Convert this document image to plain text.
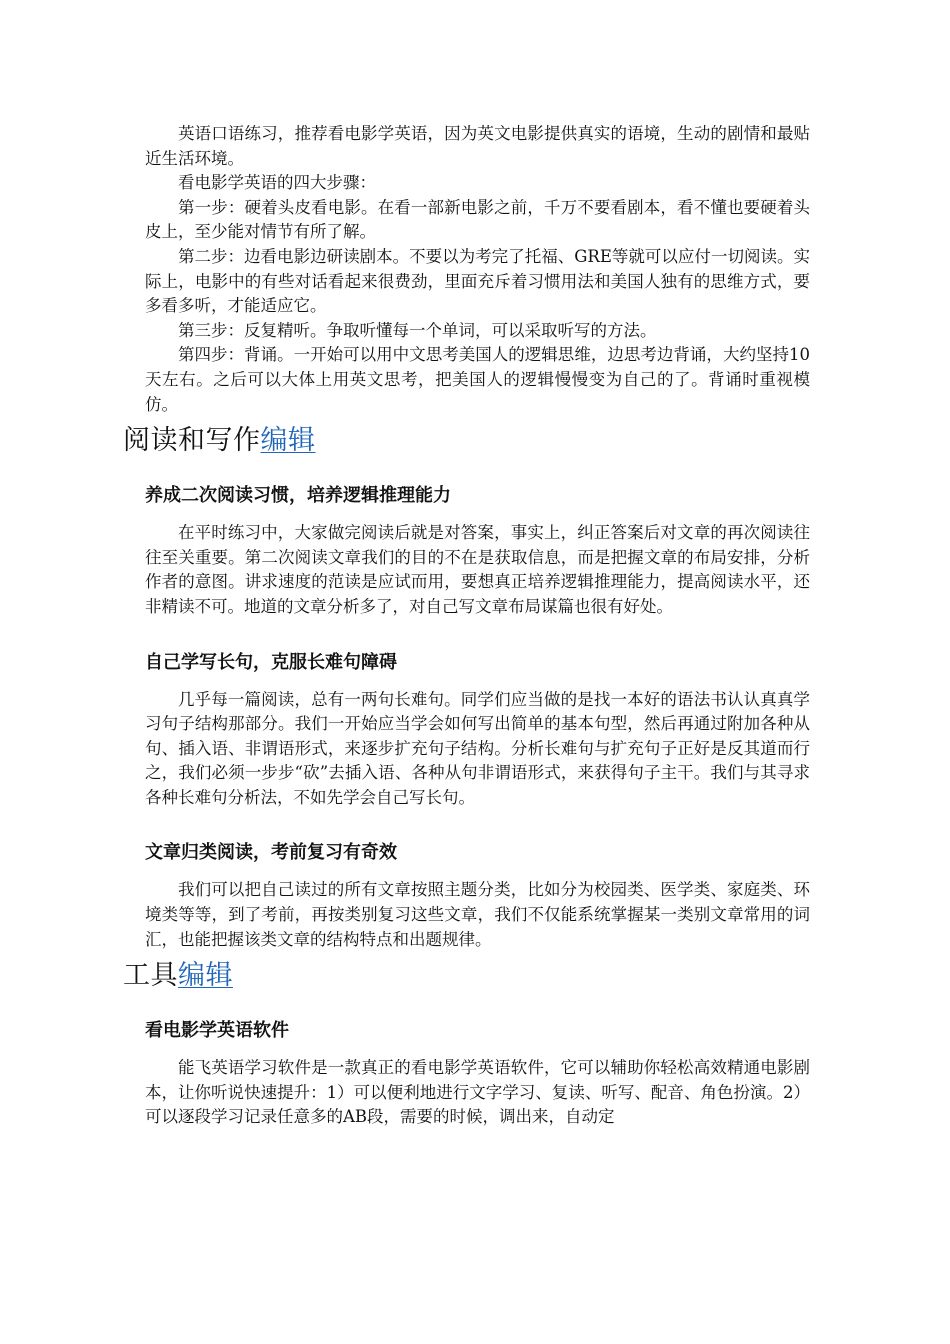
英语口语练习，推荐看电影学英语，因为英文电影提供真实的语境，生动的剧情和最贴近生活环境。

看电影学英语的四大步骤：

第一步：硬着头皮看电影。在看一部新电影之前，千万不要看剧本，看不懂也要硬着头皮上，至少能对情节有所了解。

第二步：边看电影边研读剧本。不要以为考完了托福、GRE等就可以应付一切阅读。实际上，电影中的有些对话看起来很费劲，里面充斥着习惯用法和美国人独有的思维方式，要多看多听，才能适应它。

第三步：反复精听。争取听懂每一个单词，可以采取听写的方法。

第四步：背诵。一开始可以用中文思考美国人的逻辑思维，边思考边背诵，大约坚持10天左右。之后可以大体上用英文思考，把美国人的逻辑慢慢变为自己的了。背诵时重视模仿。

阅读和写作编辑
养成二次阅读习惯，培养逻辑推理能力

在平时练习中，大家做完阅读后就是对答案，事实上，纠正答案后对文章的再次阅读往往至关重要。第二次阅读文章我们的目的不在是获取信息，而是把握文章的布局安排，分析作者的意图。讲求速度的范读是应试而用，要想真正培养逻辑推理能力，提高阅读水平，还非精读不可。地道的文章分析多了，对自己写文章布局谋篇也很有好处。

自己学写长句，克服长难句障碍

几乎每一篇阅读，总有一两句长难句。同学们应当做的是找一本好的语法书认认真真学习句子结构那部分。我们一开始应当学会如何写出简单的基本句型，然后再通过附加各种从句、插入语、非谓语形式，来逐步扩充句子结构。分析长难句与扩充句子正好是反其道而行之，我们必须一步步“砍”去插入语、各种从句非谓语形式，来获得句子主干。我们与其寻求各种长难句分析法，不如先学会自己写长句。

文章归类阅读，考前复习有奇效

我们可以把自己读过的所有文章按照主题分类，比如分为校园类、医学类、家庭类、环境类等等，到了考前，再按类别复习这些文章，我们不仅能系统掌握某一类别文章常用的词汇，也能把握该类文章的结构特点和出题规律。

工具编辑
看电影学英语软件

能飞英语学习软件是一款真正的看电影学英语软件，它可以辅助你轻松高效精通电影剧本，让你听说快速提升：1）可以便利地进行文字学习、复读、听写、配音、角色扮演。2）可以逐段学习记录任意多的AB段，需要的时候，调出来，自动定
